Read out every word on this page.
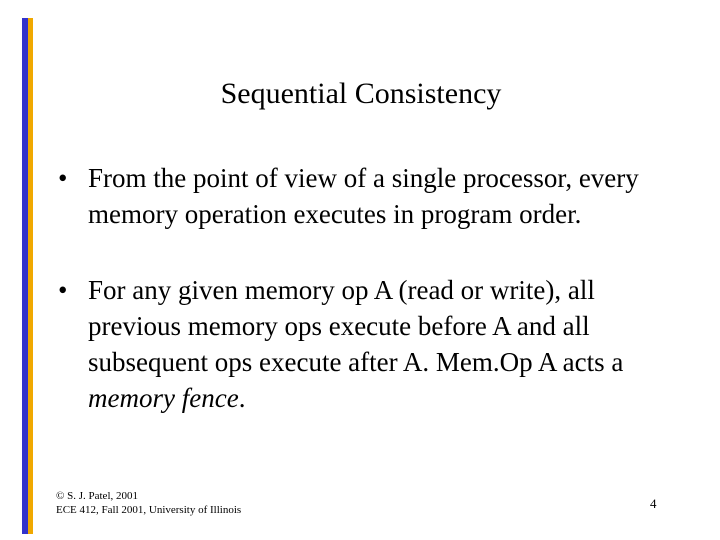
Sequential Consistency
• From the point of view of a single processor, every memory operation executes in program order.
• For any given memory op A (read or write), all previous memory ops execute before A and all subsequent ops execute after A. Mem.Op A acts a memory fence.
© S. J. Patel, 2001
ECE 412, Fall 2001, University of Illinois	4
